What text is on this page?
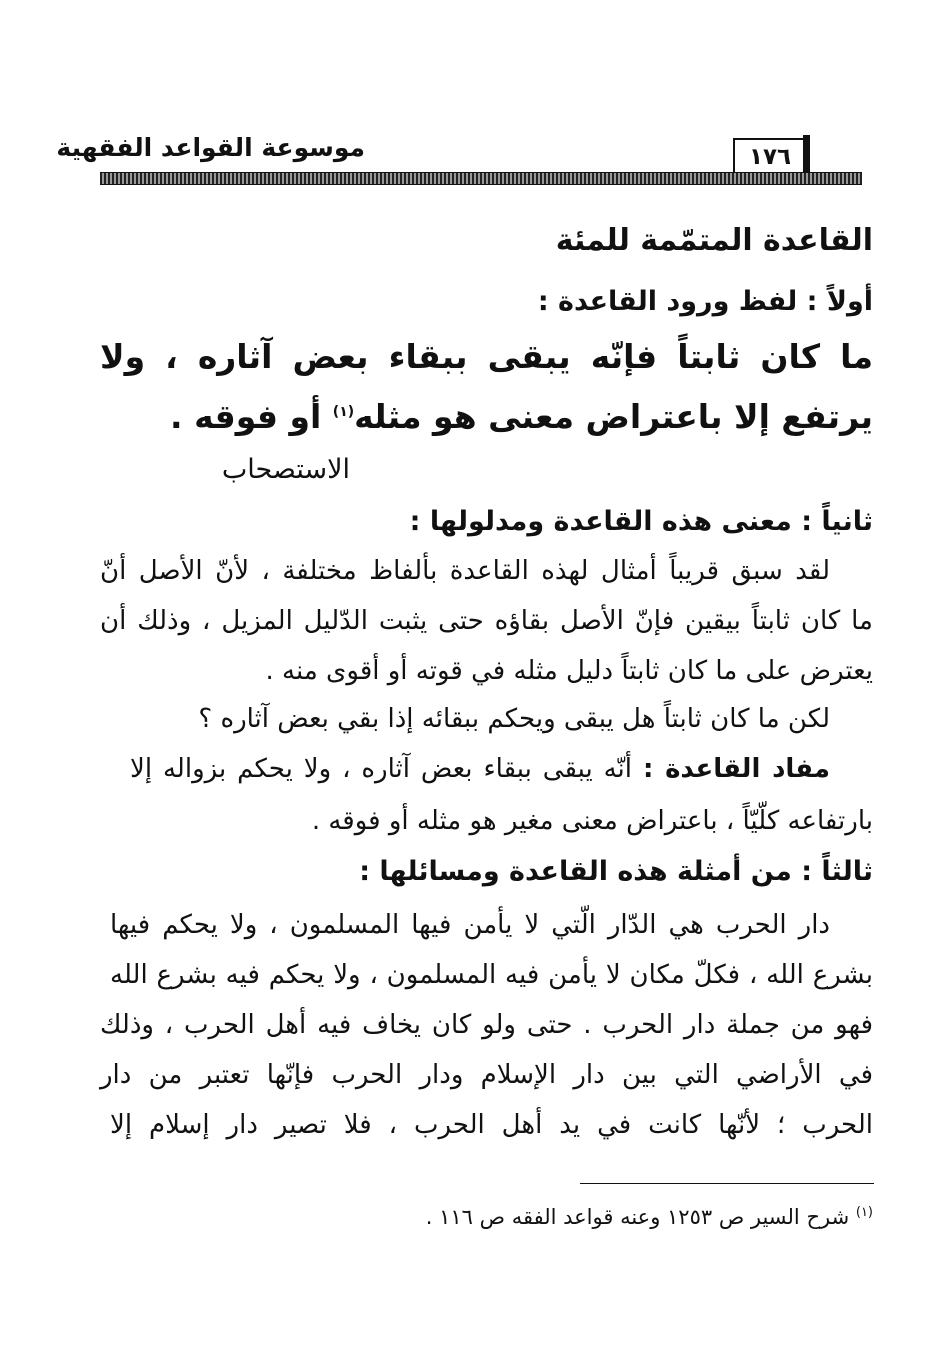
موسوعة القواعد الفقهية	١٧٦
القاعدة المتمّمة للمئة
أولاً : لفظ ورود القاعدة :
ما كان ثابتاً فإنّه يبقى ببقاء بعض آثاره ، ولا
يرتفع إلا باعتراض معنى هو مثله$^{(١)}$ أو فوقه .
الاستصحاب
ثانياً : معنى هذه القاعدة ومدلولها :
لقد سبق قريباً أمثال لهذه القاعدة بألفاظ مختلفة ، لأنّ الأصل أنّ
ما كان ثابتاً بيقين فإنّ الأصل بقاؤه حتى يثبت الدّليل المزيل ، وذلك أن
يعترض على ما كان ثابتاً دليل مثله في قوته أو أقوى منه .
لكن ما كان ثابتاً هل يبقى ويحكم ببقائه إذا بقي بعض آثاره ؟
مفاد القاعدة : أنّه يبقى ببقاء بعض آثاره ، ولا يحكم بزواله إلا
بارتفاعه كلّيّاً ، باعتراض معنى مغير هو مثله أو فوقه .
ثالثاً : من أمثلة هذه القاعدة ومسائلها :
دار الحرب هي الدّار الّتي لا يأمن فيها المسلمون ، ولا يحكم فيها
بشرع الله ، فكلّ مكان لا يأمن فيه المسلمون ، ولا يحكم فيه بشرع الله
فهو من جملة دار الحرب . حتى ولو كان يخاف فيه أهل الحرب ، وذلك
في الأراضي التي بين دار الإسلام ودار الحرب فإنّها تعتبر من دار
الحرب ؛ لأنّها كانت في يد أهل الحرب ، فلا تصير دار إسلام إلا
$^{(١)}$ شرح السير ص ١٢٥٣ وعنه قواعد الفقه ص ١١٦ .
